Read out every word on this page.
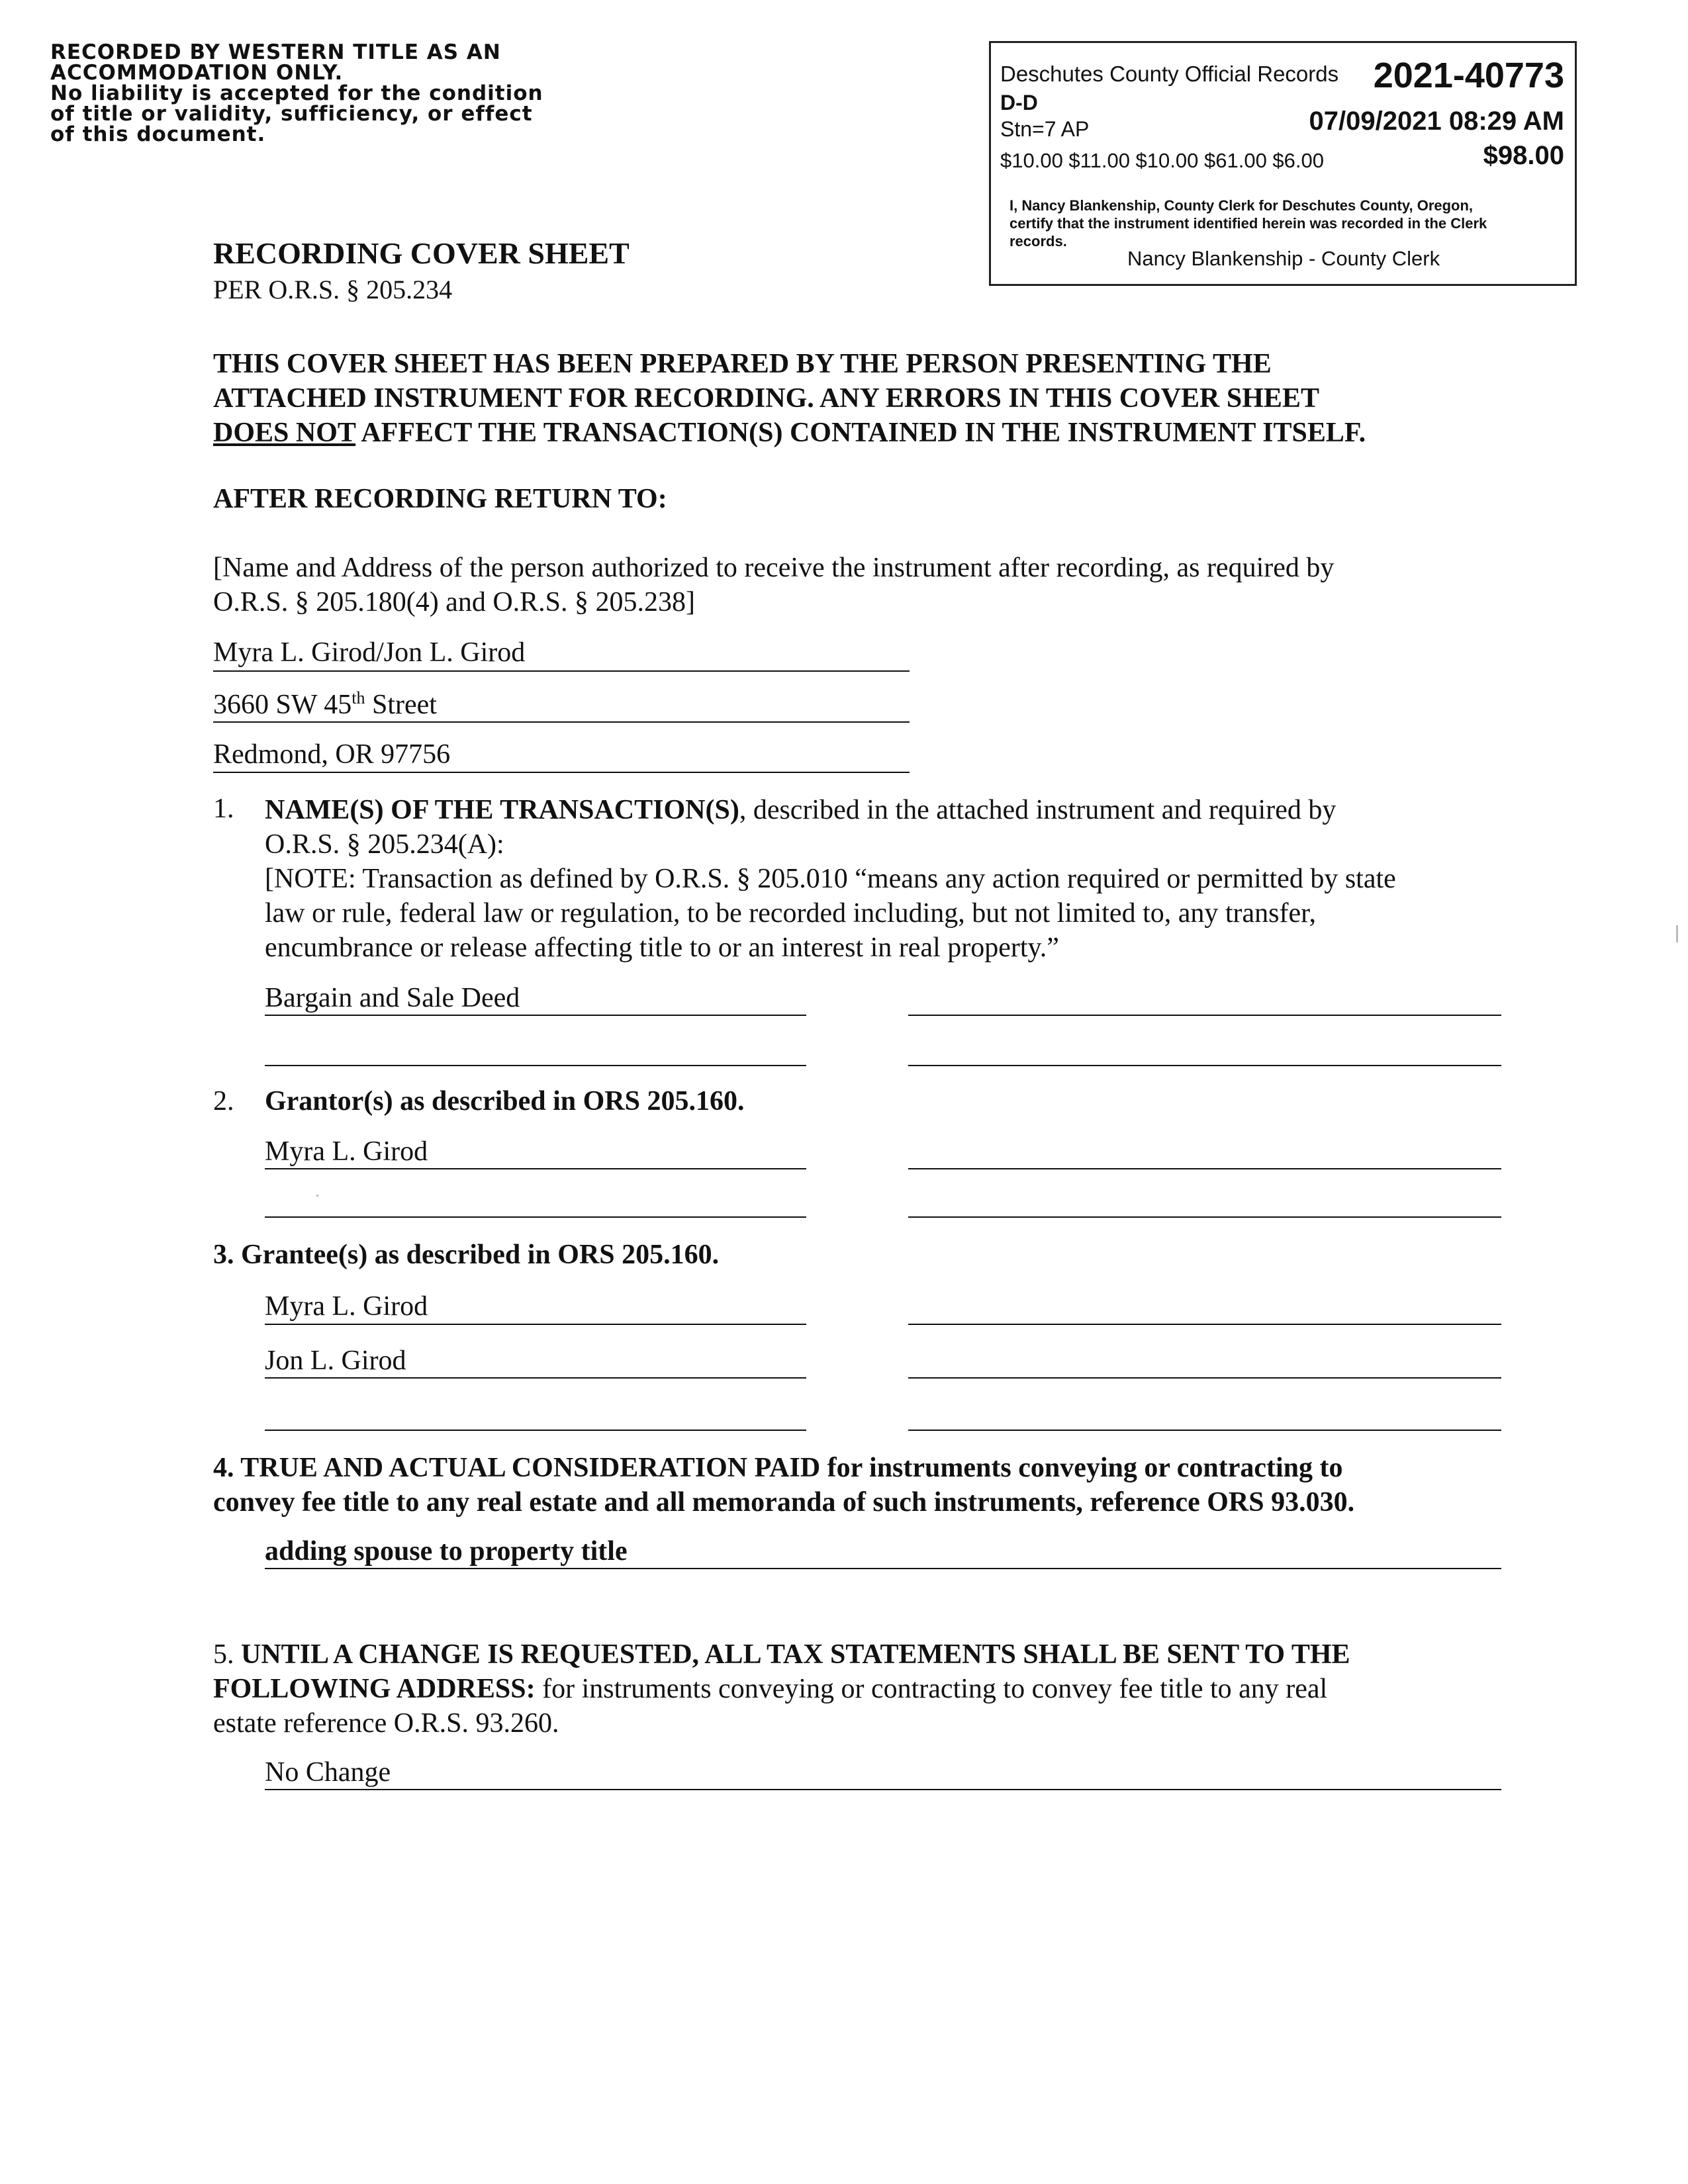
RECORDED BY WESTERN TITLE AS AN
ACCOMMODATION ONLY.
No liability is accepted for the condition
of title or validity, sufficiency, or effect
of this document.
Deschutes County Official Records 2021-40773
D-D
07/09/2021 08:29 AM
Stn=7 AP
$10.00 $11.00 $10.00 $61.00 $6.00	$98.00
I, Nancy Blankenship, County Clerk for Deschutes County, Oregon,
certify that the instrument identified herein was recorded in the Clerk
records.
Nancy Blankenship - County Clerk
RECORDING COVER SHEET
PER O.R.S. § 205.234
THIS COVER SHEET HAS BEEN PREPARED BY THE PERSON PRESENTING THE
ATTACHED INSTRUMENT FOR RECORDING. ANY ERRORS IN THIS COVER SHEET
DOES NOT AFFECT THE TRANSACTION(S) CONTAINED IN THE INSTRUMENT ITSELF.
AFTER RECORDING RETURN TO:
[Name and Address of the person authorized to receive the instrument after recording, as required by
O.R.S. § 205.180(4) and O.R.S. § 205.238]
Myra L. Girod/Jon L. Girod
3660 SW 45th Street
Redmond, OR 97756
1. NAME(S) OF THE TRANSACTION(S), described in the attached instrument and required by
O.R.S. § 205.234(A):
[NOTE: Transaction as defined by O.R.S. § 205.010 “means any action required or permitted by state
law or rule, federal law or regulation, to be recorded including, but not limited to, any transfer,
encumbrance or release affecting title to or an interest in real property.”
Bargain and Sale Deed
2. Grantor(s) as described in ORS 205.160.
Myra L. Girod
3. Grantee(s) as described in ORS 205.160.
Myra L. Girod
Jon L. Girod
4. TRUE AND ACTUAL CONSIDERATION PAID for instruments conveying or contracting to
convey fee title to any real estate and all memoranda of such instruments, reference ORS 93.030.
adding spouse to property title
5. UNTIL A CHANGE IS REQUESTED, ALL TAX STATEMENTS SHALL BE SENT TO THE
FOLLOWING ADDRESS: for instruments conveying or contracting to convey fee title to any real
estate reference O.R.S. 93.260.
No Change
